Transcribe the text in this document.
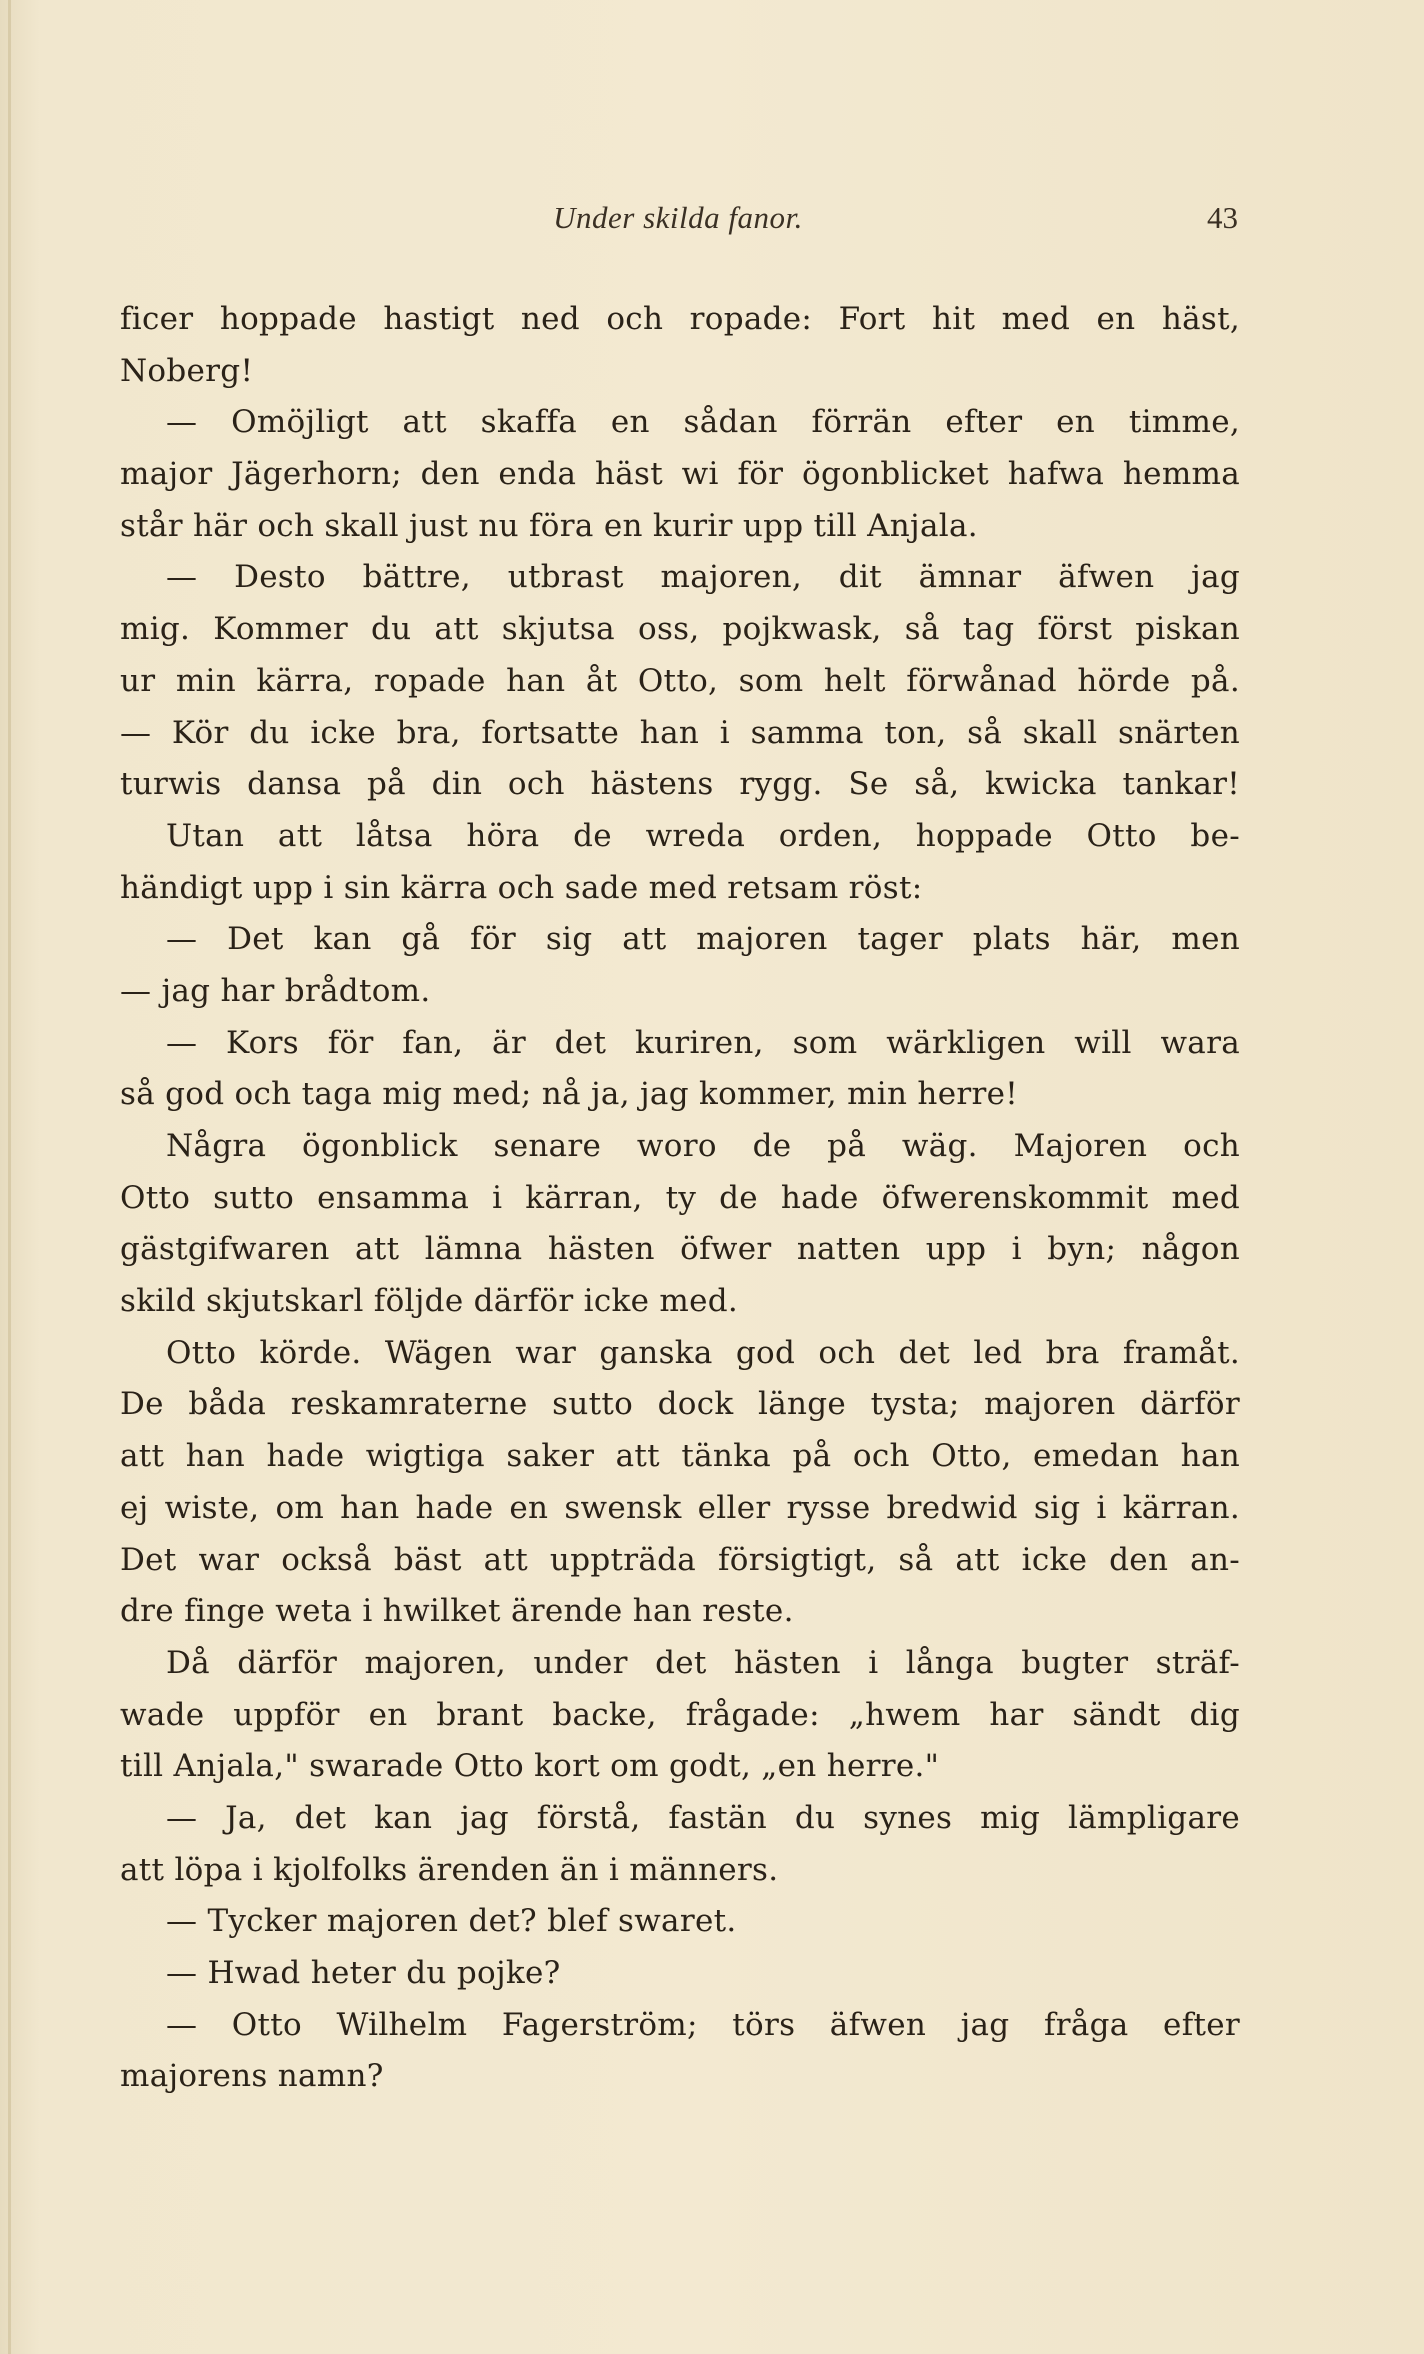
Under skilda fanor.	43
ficer hoppade hastigt ned och ropade: Fort hit med en häst,
Noberg!
— Omöjligt att skaffa en sådan förrän efter en timme,
major Jägerhorn; den enda häst wi för ögonblicket hafwa hemma
står här och skall just nu föra en kurir upp till Anjala.
— Desto bättre, utbrast majoren, dit ämnar äfwen jag
mig. Kommer du att skjutsa oss, pojkwask, så tag först piskan
ur min kärra, ropade han åt Otto, som helt förwånad hörde på.
— Kör du icke bra, fortsatte han i samma ton, så skall snärten
turwis dansa på din och hästens rygg. Se så, kwicka tankar!
Utan att låtsa höra de wreda orden, hoppade Otto be-
händigt upp i sin kärra och sade med retsam röst:
— Det kan gå för sig att majoren tager plats här, men
— jag har brådtom.
— Kors för fan, är det kuriren, som wärkligen will wara
så god och taga mig med; nå ja, jag kommer, min herre!
Några ögonblick senare woro de på wäg. Majoren och
Otto sutto ensamma i kärran, ty de hade öfwerenskommit med
gästgifwaren att lämna hästen öfwer natten upp i byn; någon
skild skjutskarl följde därför icke med.
Otto körde. Wägen war ganska god och det led bra framåt.
De båda reskamraterne sutto dock länge tysta; majoren därför
att han hade wigtiga saker att tänka på och Otto, emedan han
ej wiste, om han hade en swensk eller ryssе bredwid sig i kärran.
Det war också bäst att uppträda försigtigt, så att icke den an-
dre finge weta i hwilket ärende han reste.
Då därför majoren, under det hästen i långa bugter sträf-
wade uppför en brant backe, frågade: „hwem har sändt dig
till Anjala," swarade Otto kort om godt, „en herre."
— Ja, det kan jag förstå, fastän du synes mig lämpligare
att löpa i kjolfolks ärenden än i männers.
— Tycker majoren det? blef swaret.
— Hwad heter du pojke?
— Otto Wilhelm Fagerström; törs äfwen jag fråga efter
majorens namn?
